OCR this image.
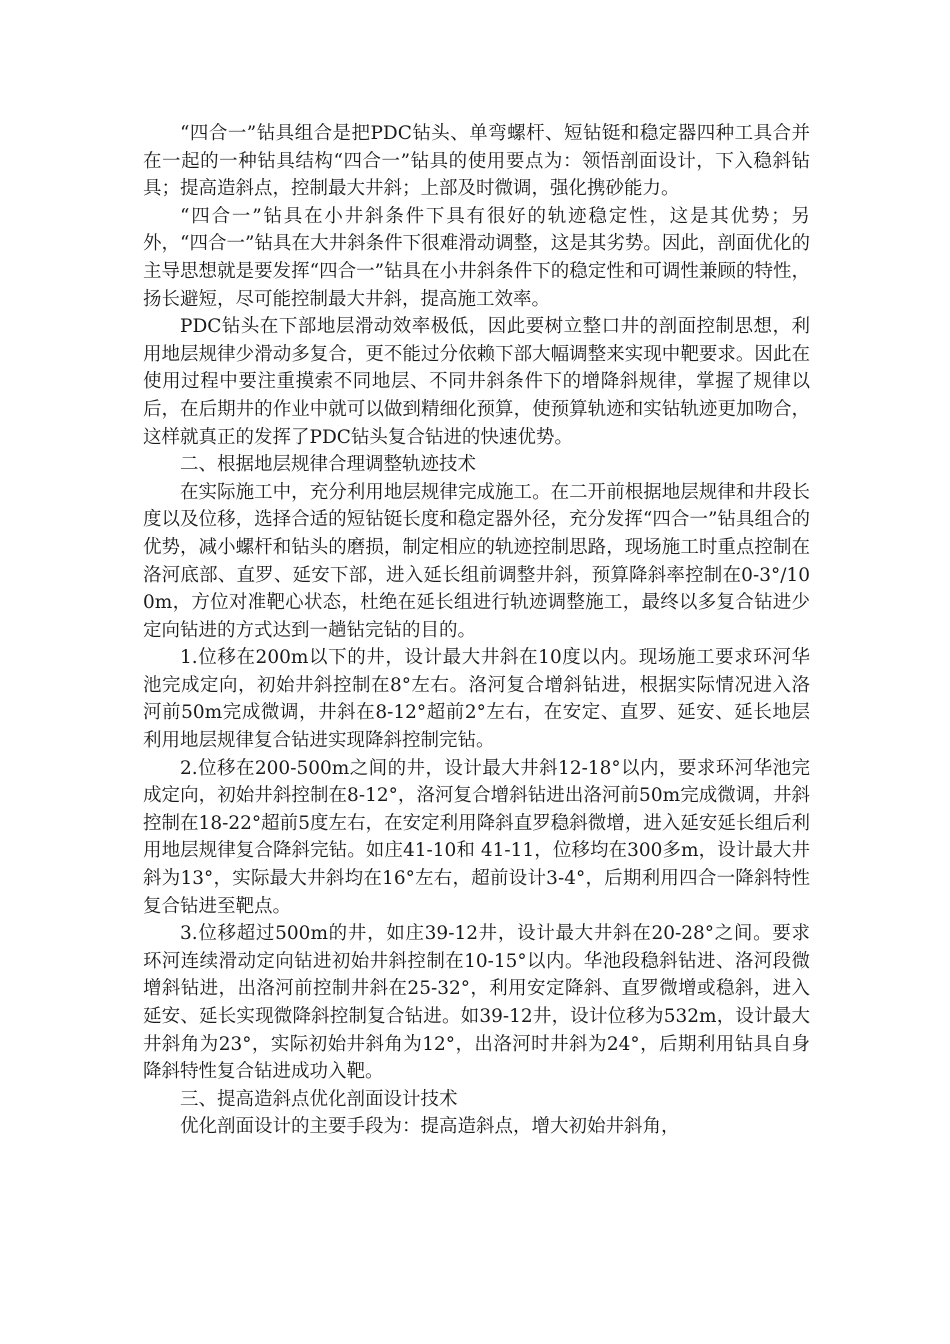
“四合一”钻具组合是把PDC钻头、单弯螺杆、短钻铤和稳定器四种工具合并在一起的一种钻具结构“四合一”钻具的使用要点为：领悟剖面设计，下入稳斜钻具；提高造斜点，控制最大井斜；上部及时微调，强化携砂能力。

“四合一”钻具在小井斜条件下具有很好的轨迹稳定性，这是其优势；另外，“四合一”钻具在大井斜条件下很难滑动调整，这是其劣势。因此，剖面优化的主导思想就是要发挥“四合一”钻具在小井斜条件下的稳定性和可调性兼顾的特性，扬长避短，尽可能控制最大井斜，提高施工效率。

PDC钻头在下部地层滑动效率极低，因此要树立整口井的剖面控制思想，利用地层规律少滑动多复合，更不能过分依赖下部大幅调整来实现中靶要求。因此在使用过程中要注重摸索不同地层、不同井斜条件下的增降斜规律，掌握了规律以后，在后期井的作业中就可以做到精细化预算，使预算轨迹和实钻轨迹更加吻合，这样就真正的发挥了PDC钻头复合钻进的快速优势。

二、根据地层规律合理调整轨迹技术

在实际施工中，充分利用地层规律完成施工。在二开前根据地层规律和井段长度以及位移，选择合适的短钻铤长度和稳定器外径，充分发挥“四合一”钻具组合的优势，减小螺杆和钻头的磨损，制定相应的轨迹控制思路，现场施工时重点控制在洛河底部、直罗、延安下部，进入延长组前调整井斜，预算降斜率控制在0-3°/100m，方位对准靶心状态，杜绝在延长组进行轨迹调整施工，最终以多复合钻进少定向钻进的方式达到一趟钻完钻的目的。

1.位移在200m以下的井，设计最大井斜在10度以内。现场施工要求环河华池完成定向，初始井斜控制在8°左右。洛河复合增斜钻进，根据实际情况进入洛河前50m完成微调，井斜在8-12°超前2°左右，在安定、直罗、延安、延长地层利用地层规律复合钻进实现降斜控制完钻。

2.位移在200-500m之间的井，设计最大井斜12-18°以内，要求环河华池完成定向，初始井斜控制在8-12°，洛河复合增斜钻进出洛河前50m完成微调，井斜控制在18-22°超前5度左右，在安定利用降斜直罗稳斜微增，进入延安延长组后利用地层规律复合降斜完钻。如庄41-10和 41-11，位移均在300多m，设计最大井斜为13°，实际最大井斜均在16°左右，超前设计3-4°，后期利用四合一降斜特性复合钻进至靶点。

3.位移超过500m的井，如庄39-12井，设计最大井斜在20-28°之间。要求环河连续滑动定向钻进初始井斜控制在10-15°以内。华池段稳斜钻进、洛河段微增斜钻进，出洛河前控制井斜在25-32°，利用安定降斜、直罗微增或稳斜，进入延安、延长实现微降斜控制复合钻进。如39-12井，设计位移为532m，设计最大井斜角为23°，实际初始井斜角为12°，出洛河时井斜为24°，后期利用钻具自身降斜特性复合钻进成功入靶。

三、提高造斜点优化剖面设计技术

优化剖面设计的主要手段为：提高造斜点，增大初始井斜角，
